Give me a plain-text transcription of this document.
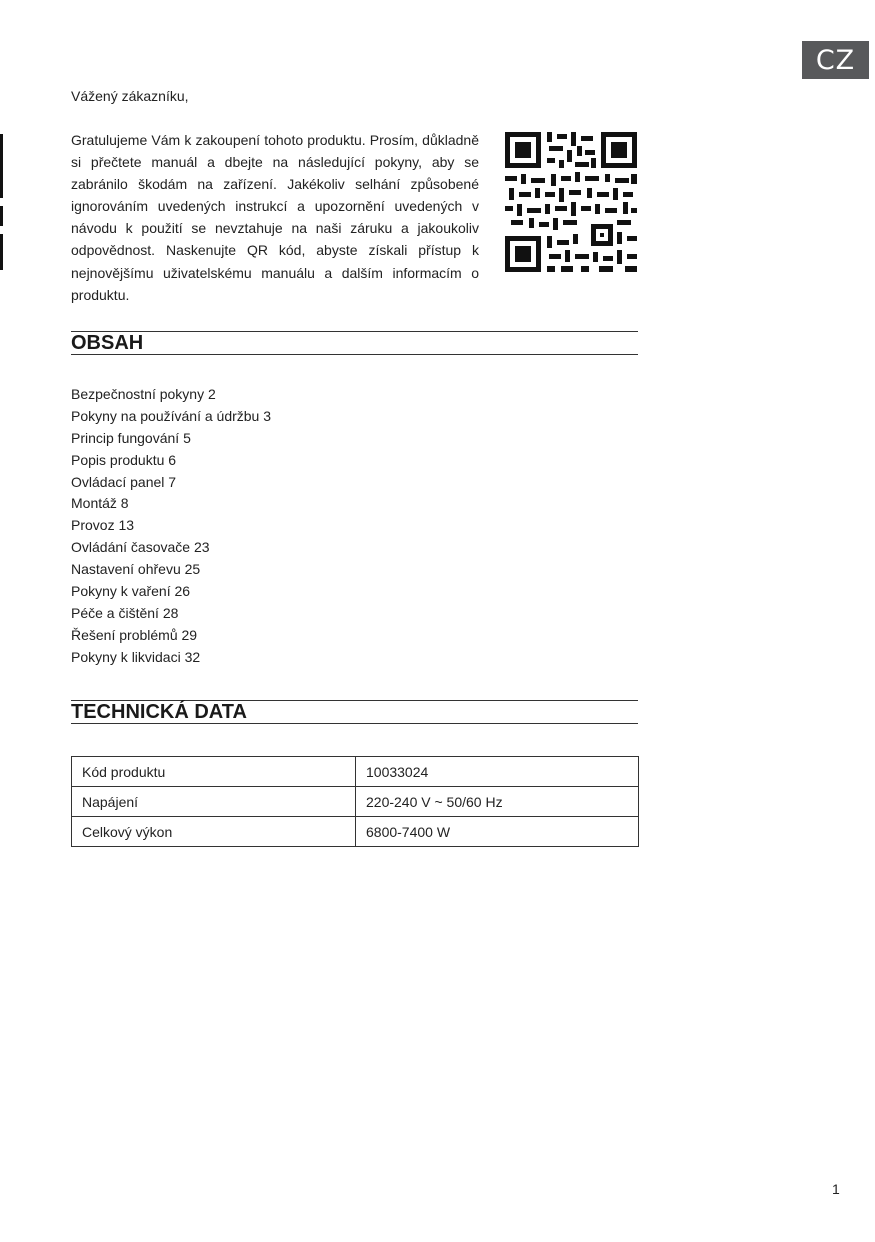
CZ
Vážený zákazníku,
Gratulujeme Vám k zakoupení tohoto produktu. Prosím, důkladně si přečtete manuál a dbejte na následující pokyny, aby se zabránilo škodám na zařízení. Jakékoliv selhání způsobené ignorováním uvedených instrukcí a upozornění uvedených v návodu k použití se nevztahuje na naši záruku a jakoukoliv odpovědnost. Naskenujte QR kód, abyste získali přístup k nejnovějšímu uživatelskému manuálu a dalším informacím o produktu.
OBSAH
Bezpečnostní pokyny 2
Pokyny na používání a údržbu 3
Princip fungování 5
Popis produktu 6
Ovládací panel 7
Montáž 8
Provoz 13
Ovládání časovače 23
Nastavení ohřevu 25
Pokyny k vaření 26
Péče a čištění 28
Řešení problémů 29
Pokyny k likvidaci 32
TECHNICKÁ DATA
Kód produktu	10033024
Napájení	220-240 V ~ 50/60 Hz
Celkový výkon	6800-7400 W
1
